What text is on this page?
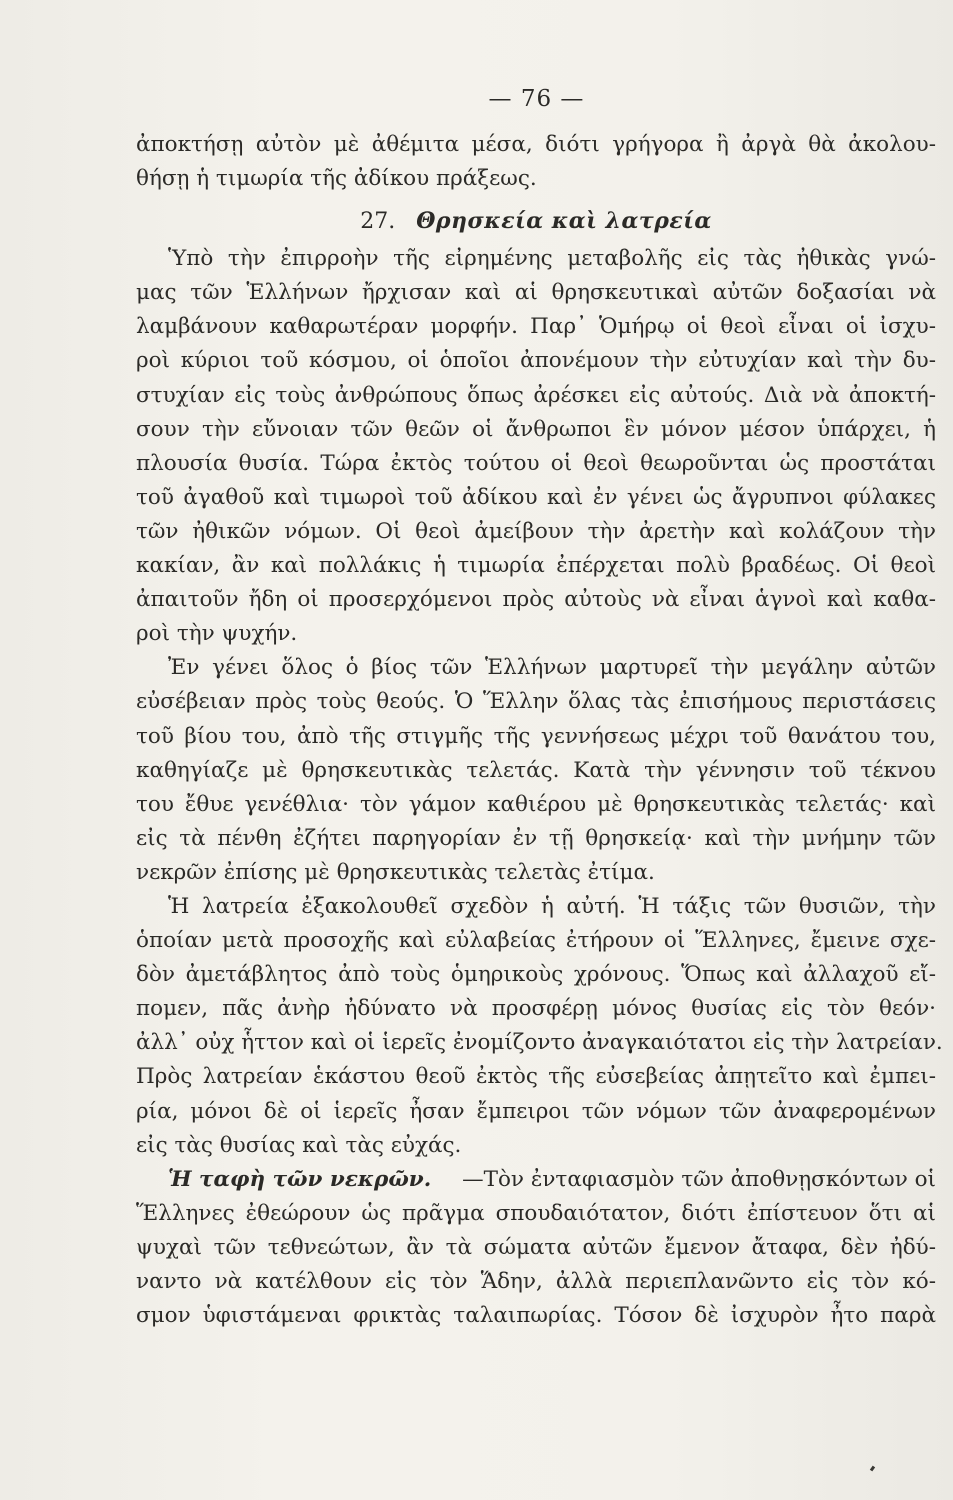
— 76 —
ἀποκτήσῃ αὐτὸν μὲ ἀθέμιτα μέσα, διότι γρήγορα ἢ ἀργὰ θὰ ἀκολου-
θήσῃ ἡ τιμωρία τῆς ἀδίκου πράξεως.
27. Θρησκεία καὶ λατρεία
Ὑπὸ τὴν ἐπιρροὴν τῆς εἰρημένης μεταβολῆς εἰς τὰς ἠθικὰς γνώ-
μας τῶν Ἑλλήνων ἤρχισαν καὶ αἱ θρησκευτικαὶ αὐτῶν δοξασίαι νὰ
λαμβάνουν καθαρωτέραν μορφήν. Παρ᾽ Ὁμήρῳ οἱ θεοὶ εἶναι οἱ ἰσχυ-
ροὶ κύριοι τοῦ κόσμου, οἱ ὁποῖοι ἀπονέμουν τὴν εὐτυχίαν καὶ τὴν δυ-
στυχίαν εἰς τοὺς ἀνθρώπους ὅπως ἀρέσκει εἰς αὐτούς. Διὰ νὰ ἀποκτή-
σουν τὴν εὔνοιαν τῶν θεῶν οἱ ἄνθρωποι ἓν μόνον μέσον ὑπάρχει, ἡ
πλουσία θυσία. Τώρα ἐκτὸς τούτου οἱ θεοὶ θεωροῦνται ὡς προστάται
τοῦ ἀγαθοῦ καὶ τιμωροὶ τοῦ ἀδίκου καὶ ἐν γένει ὡς ἄγρυπνοι φύλακες
τῶν ἠθικῶν νόμων. Οἱ θεοὶ ἀμείβουν τὴν ἀρετὴν καὶ κολάζουν τὴν
κακίαν, ἂν καὶ πολλάκις ἡ τιμωρία ἐπέρχεται πολὺ βραδέως. Οἱ θεοὶ
ἀπαιτοῦν ἤδη οἱ προσερχόμενοι πρὸς αὐτοὺς νὰ εἶναι ἁγνοὶ καὶ καθα-
ροὶ τὴν ψυχήν.
Ἐν γένει ὅλος ὁ βίος τῶν Ἑλλήνων μαρτυρεῖ τὴν μεγάλην αὐτῶν
εὐσέβειαν πρὸς τοὺς θεούς. Ὁ Ἕλλην ὅλας τὰς ἐπισήμους περιστάσεις
τοῦ βίου του, ἀπὸ τῆς στιγμῆς τῆς γεννήσεως μέχρι τοῦ θανάτου του,
καθηγίαζε μὲ θρησκευτικὰς τελετάς. Κατὰ τὴν γέννησιν τοῦ τέκνου
του ἔθυε γενέθλια· τὸν γάμον καθιέρου μὲ θρησκευτικὰς τελετάς· καὶ
εἰς τὰ πένθη ἐζήτει παρηγορίαν ἐν τῇ θρησκείᾳ· καὶ τὴν μνήμην τῶν
νεκρῶν ἐπίσης μὲ θρησκευτικὰς τελετὰς ἐτίμα.
Ἡ λατρεία ἐξακολουθεῖ σχεδὸν ἡ αὐτή. Ἡ τάξις τῶν θυσιῶν, τὴν
ὁποίαν μετὰ προσοχῆς καὶ εὐλαβείας ἐτήρουν οἱ Ἕλληνες, ἔμεινε σχε-
δὸν ἀμετάβλητος ἀπὸ τοὺς ὁμηρικοὺς χρόνους. Ὅπως καὶ ἀλλαχοῦ εἴ-
πομεν, πᾶς ἀνὴρ ἠδύνατο νὰ προσφέρῃ μόνος θυσίας εἰς τὸν θεόν·
ἀλλ᾽ οὐχ ἧττον καὶ οἱ ἱερεῖς ἐνομίζοντο ἀναγκαιότατοι εἰς τὴν λατρείαν.
Πρὸς λατρείαν ἑκάστου θεοῦ ἐκτὸς τῆς εὐσεβείας ἀπῃτεῖτο καὶ ἐμπει-
ρία, μόνοι δὲ οἱ ἱερεῖς ἦσαν ἔμπειροι τῶν νόμων τῶν ἀναφερομένων
εἰς τὰς θυσίας καὶ τὰς εὐχάς.
Ἡ ταφὴ τῶν νεκρῶν. —Τὸν ἐνταφιασμὸν τῶν ἀποθνῃσκόντων οἱ
Ἕλληνες ἐθεώρουν ὡς πρᾶγμα σπουδαιότατον, διότι ἐπίστευον ὅτι αἱ
ψυχαὶ τῶν τεθνεώτων, ἂν τὰ σώματα αὐτῶν ἔμενον ἄταφα, δὲν ἠδύ-
ναντο νὰ κατέλθουν εἰς τὸν Ἅδην, ἀλλὰ περιεπλανῶντο εἰς τὸν κό-
σμον ὑφιστάμεναι φρικτὰς ταλαιπωρίας. Τόσον δὲ ἰσχυρὸν ἦτο παρὰ
